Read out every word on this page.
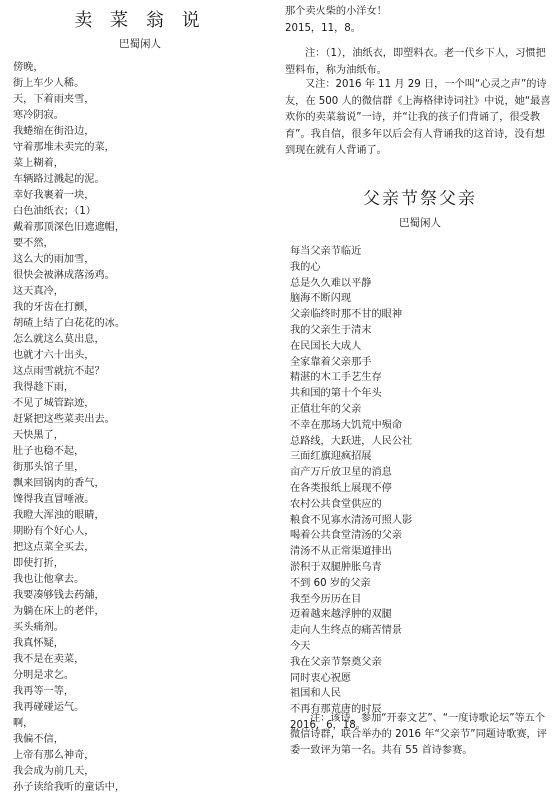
卖 菜 翁 说
巴蜀闲人
傍晚，
街上车少人稀。
天，下着雨夹雪，
寒冷阴寂。
我蜷缩在街沿边，
守着那堆未卖完的菜，
菜上糊着，
车辆路过溅起的泥。
幸好我裹着一块，
白色油纸衣；（1）
戴着那顶深色旧遮遮帽，
要不然，
这么大的雨加雪，
很快会被淋成落汤鸡。
这天真冷，
我的牙齿在打颤，
胡碴上结了白花花的冰。
怎么就这么莫出息，
也就才六十出头，
这点雨雪就抗不起？
我得趁下雨，
不见了城管踪迹，
赶紧把这些菜卖出去。
天快黑了，
肚子也稳不起，
街那头馆子里，
飘来回锅肉的香气，
馋得我直冒唾液。
我瞪大浑浊的眼睛，
期盼有个好心人，
把这点菜全买去，
即使打折，
我也让他拿去。
我要凑够钱去药舖，
为躺在床上的老伴，
买头痛剂。
我真怀疑，
我不是在卖菜，
分明是求乞。
我再等一等，
我再碰碰运气。
啊，
我偏不信，
上帝有那么神奇，
我会成为前几天，
孙子读给我听的童话中，
那个卖火柴的小洋女！
2015，11，8。
注：（1），油纸衣，即塑料衣。老一代乡下人，习惯把塑料布，称为油纸布。
又注：2016 年 11 月 29 日，一个叫“心灵之声”的诗友，在 500 人的微信群《上海格律诗词社》中说，她“最喜欢你的卖菜翁说”一诗，并“让我的孩子们背诵了，很受教育”。我自信，很多年以后会有人背诵我的这首诗，没有想到现在就有人背诵了。
父亲节祭父亲
巴蜀闲人
每当父亲节临近
我的心
总是久久难以平静
脑海不断闪现
父亲临终时那不甘的眼神
我的父亲生于清末
在民国长大成人
全家靠着父亲那手
精湛的木工手艺生存
共和国的第十个年头
正值壮年的父亲
不幸在那场大饥荒中殒命
总路线，大跃进，人民公社
三面红旗迎疯招展
亩产万斤放卫星的消息
在各类报纸上展现不停
农村公共食堂供应的
粮食不见寡水清汤可照人影
喝着公共食堂清汤的父亲
清汤不从正常渠道排出
淤积于双腿肿胀乌青
不到 60 岁的父亲
我至今历历在目
迈着越来越浮肿的双腿
走向人生终点的痛苦情景
今天
我在父亲节祭奠父亲
同时衷心祝愿
祖国和人民
不再有那荒唐的时辰
2016，6，18。
注：该诗，参加“开泰文艺”、“一度诗歌论坛”等五个微信诗群，联合举办的 2016 年“父亲节”同题诗歌赛，评委一致评为第一名。共有 55 首诗参赛。
